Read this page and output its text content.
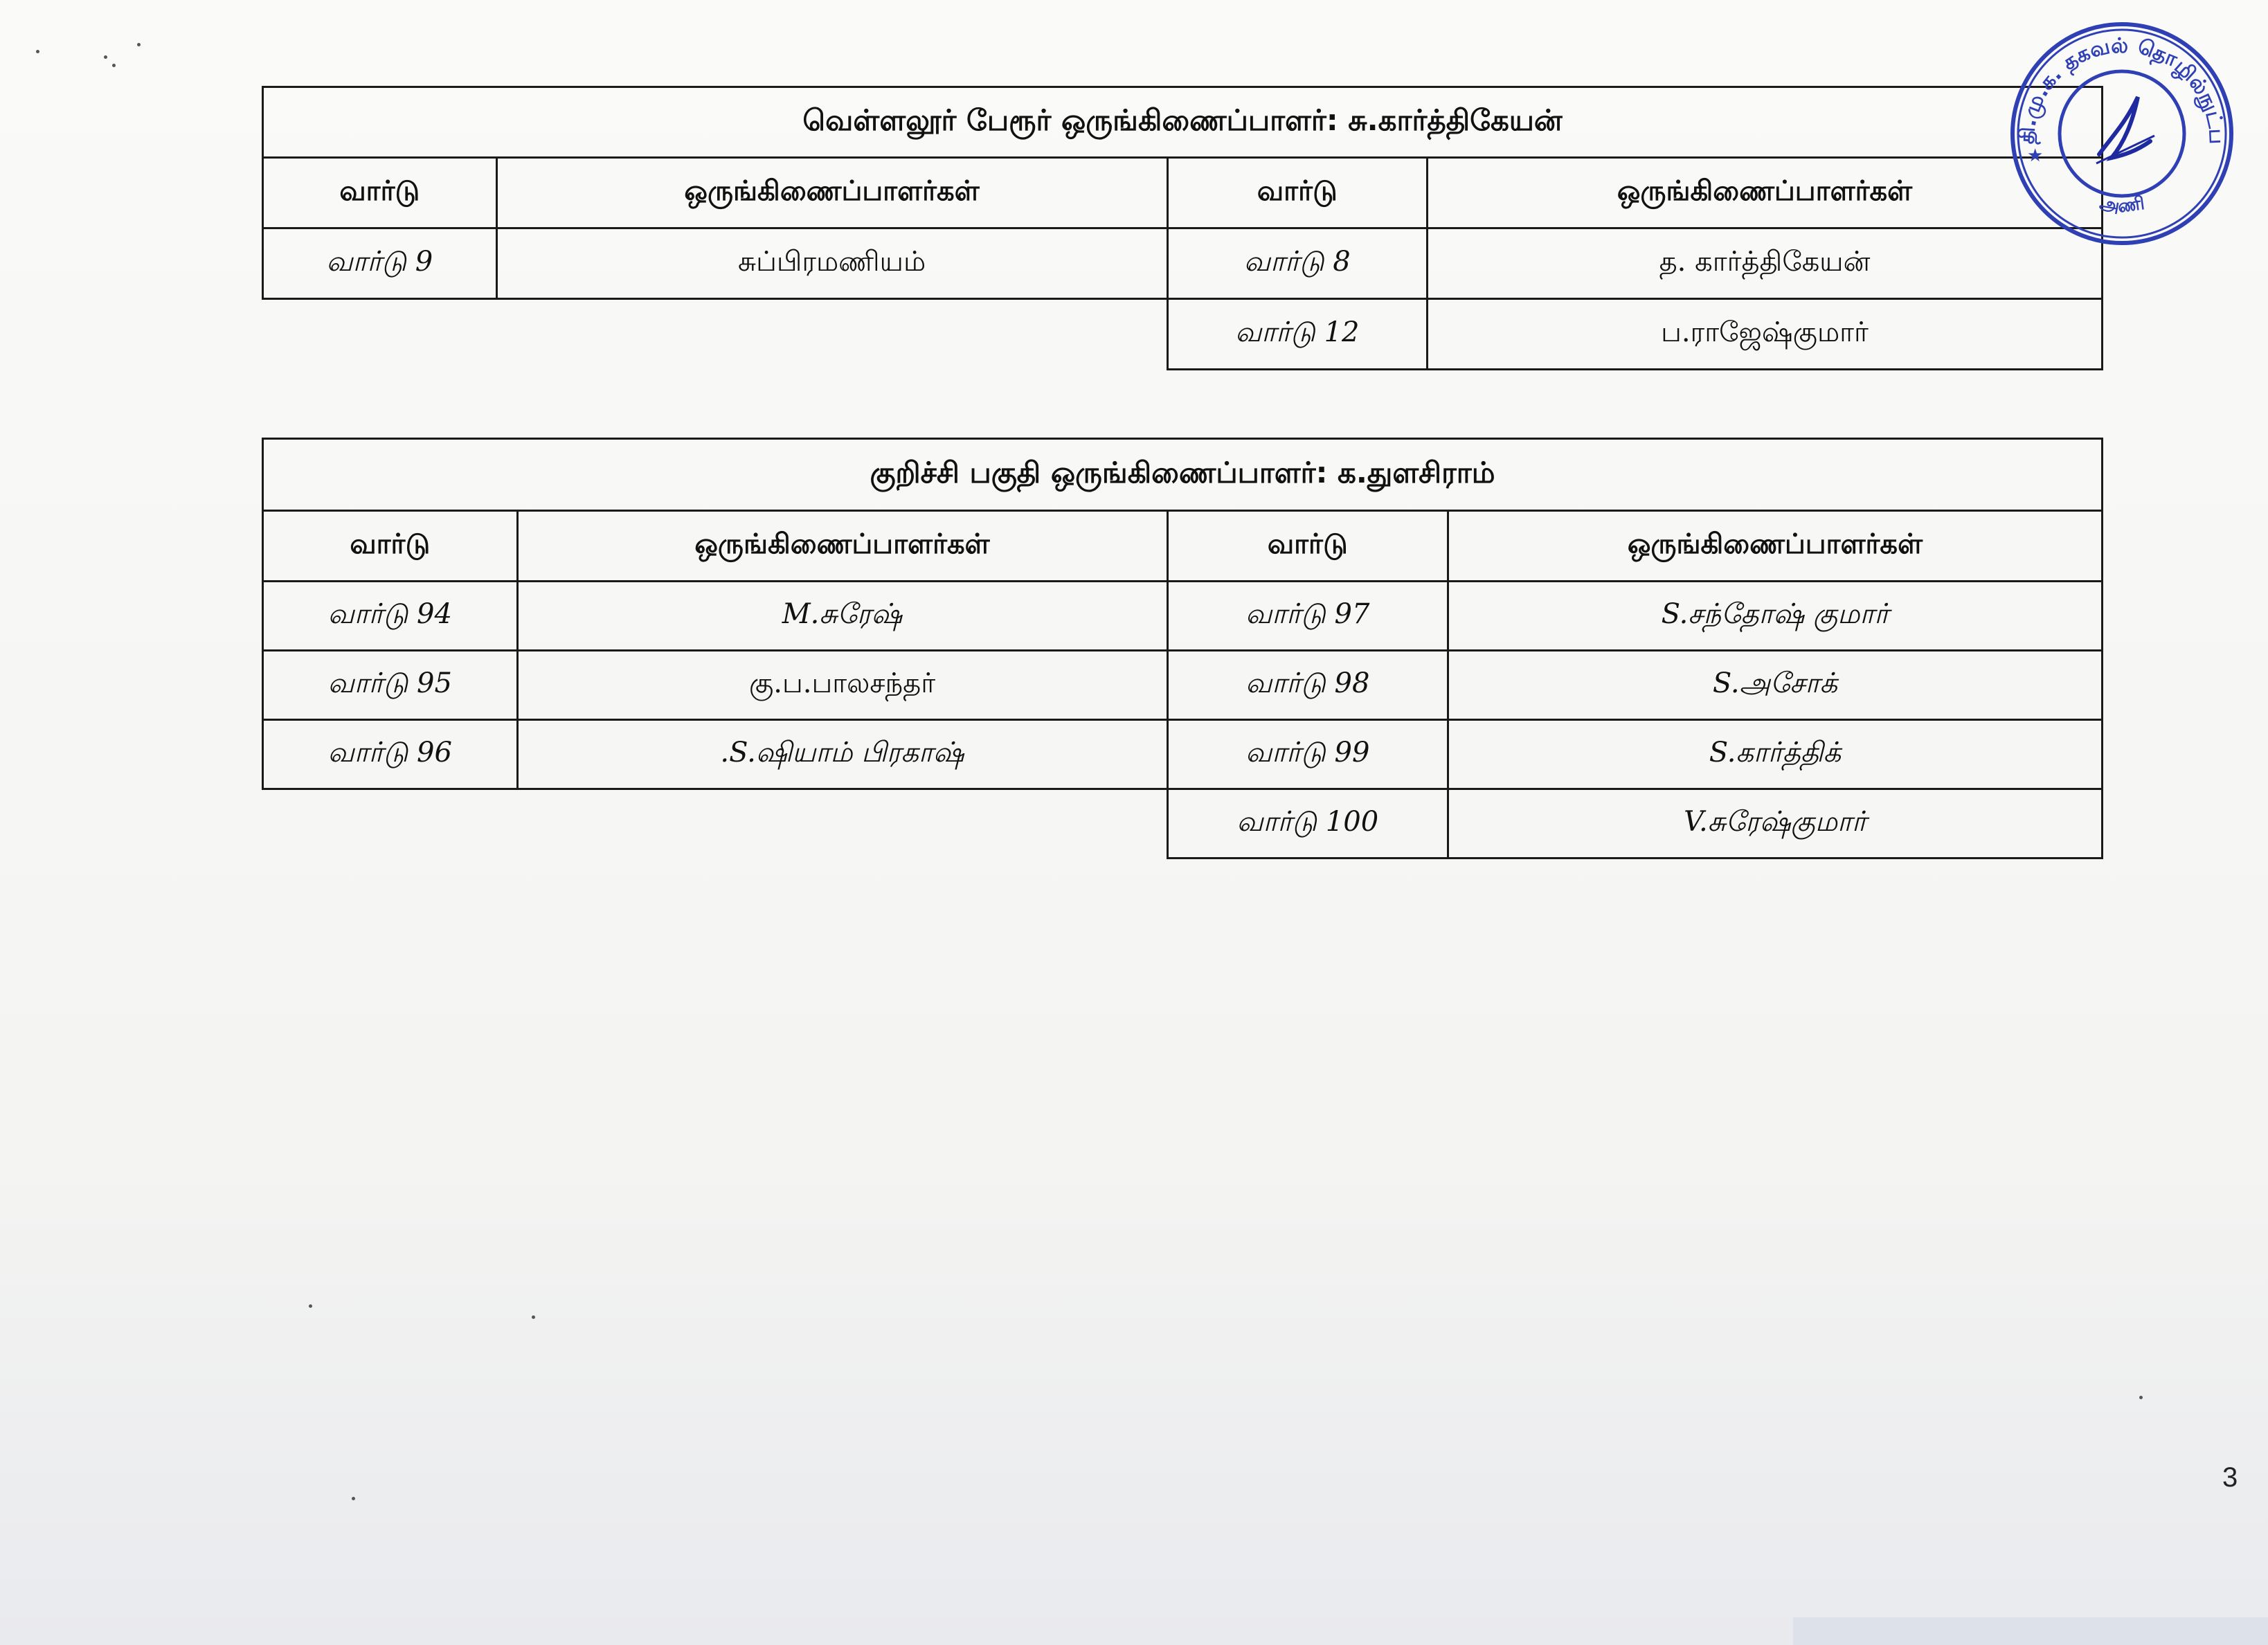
வெள்ளலூர் பேரூர் ஒருங்கிணைப்பாளர்: சு.கார்த்திகேயன்			
வார்டு	ஒருங்கிணைப்பாளர்கள்	வார்டு	ஒருங்கிணைப்பாளர்கள்
வார்டு 9	சுப்பிரமணியம்	வார்டு 8	த. கார்த்திகேயன்
		வார்டு 12	ப.ராஜேஷ்குமார்
குறிச்சி பகுதி ஒருங்கிணைப்பாளர்: க.துளசிராம்			
வார்டு	ஒருங்கிணைப்பாளர்கள்	வார்டு	ஒருங்கிணைப்பாளர்கள்
வார்டு 94	M.சுரேஷ்	வார்டு 97	S.சந்தோஷ் குமார்
வார்டு 95	கு.ப.பாலசந்தர்	வார்டு 98	S.அசோக்
வார்டு 96	.S.ஷியாம் பிரகாஷ்	வார்டு 99	S.கார்த்திக்
		வார்டு 100	V.சுரேஷ்குமார்
தி.மு.க. தகவல் தொழில்நுட்ப
அணி
★
3
